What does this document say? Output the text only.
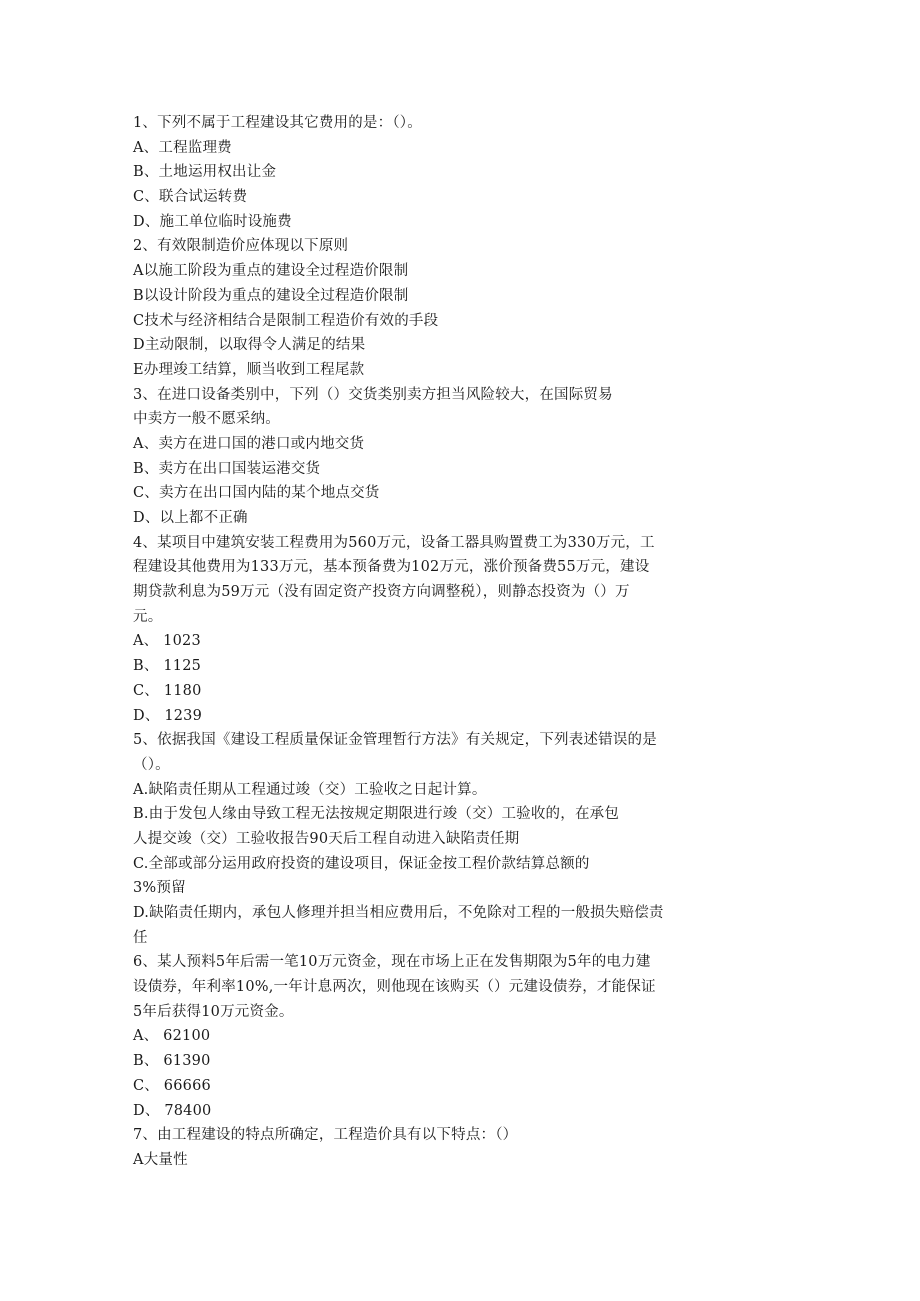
1、下列不属于工程建设其它费用的是：（）。
A、工程监理费
B、土地运用权出让金
C、联合试运转费
D、施工单位临时设施费
2、有效限制造价应体现以下原则
A以施工阶段为重点的建设全过程造价限制
B以设计阶段为重点的建设全过程造价限制
C技术与经济相结合是限制工程造价有效的手段
D主动限制，以取得令人满足的结果
E办理竣工结算，顺当收到工程尾款
3、在进口设备类别中，下列（）交货类别卖方担当风险较大，在国际贸易
中卖方一般不愿采纳。
A、卖方在进口国的港口或内地交货
B、卖方在出口国装运港交货
C、卖方在出口国内陆的某个地点交货
D、以上都不正确
4、某项目中建筑安装工程费用为560万元，设备工器具购置费工为330万元，工
程建设其他费用为133万元，基本预备费为102万元，涨价预备费55万元，建设
期贷款利息为59万元（没有固定资产投资方向调整税），则静态投资为（）万
元。
A、 1023
B、 1125
C、 1180
D、 1239
5、依据我国《建设工程质量保证金管理暂行方法》有关规定，下列表述错误的是
（）。
A.缺陷责任期从工程通过竣（交）工验收之日起计算。
B.由于发包人缘由导致工程无法按规定期限进行竣（交）工验收的，在承包
人提交竣（交）工验收报告90天后工程自动进入缺陷责任期
C.全部或部分运用政府投资的建设项目，保证金按工程价款结算总额的
3%预留
D.缺陷责任期内，承包人修理并担当相应费用后，不免除对工程的一般损失赔偿责
任
6、某人预料5年后需一笔10万元资金，现在市场上正在发售期限为5年的电力建
设债券，年利率10%,一年计息两次，则他现在该购买（）元建设债券，才能保证
5年后获得10万元资金。
A、 62100
B、 61390
C、 66666
D、 78400
7、由工程建设的特点所确定，工程造价具有以下特点：（）
A大量性
